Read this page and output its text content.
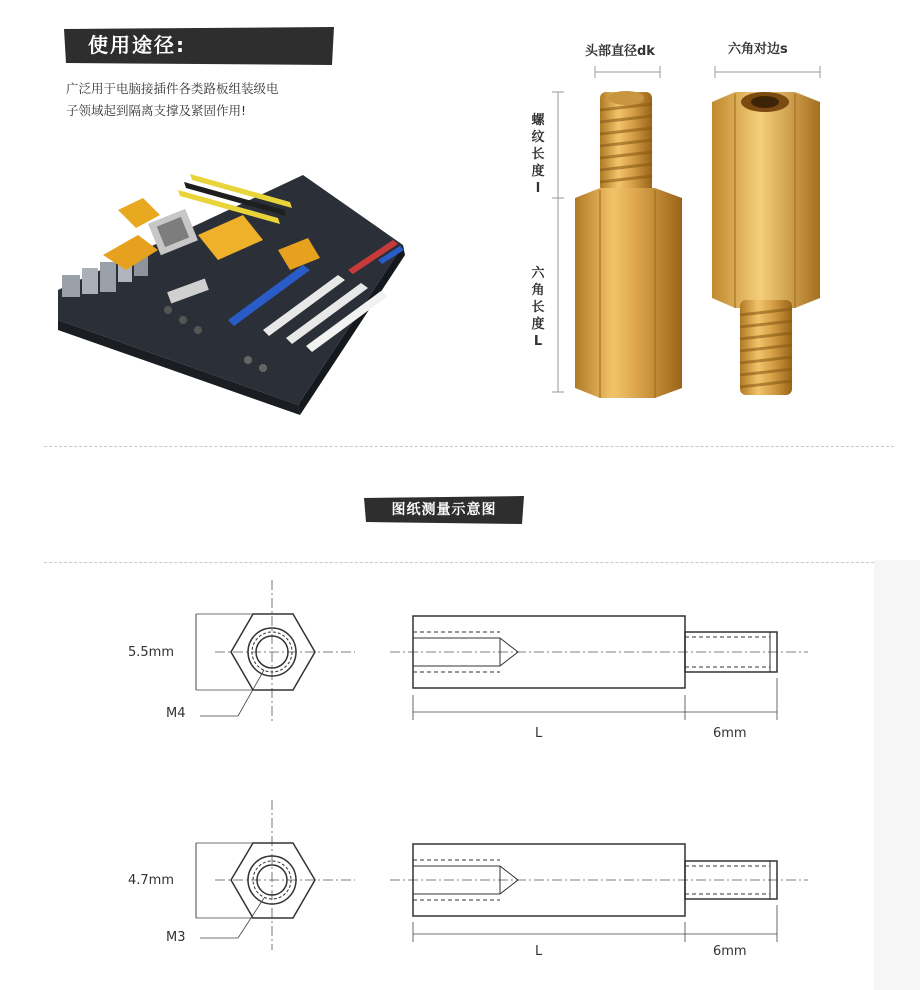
使用途径:
广泛用于电脑接插件各类路板组装级电
子领域起到隔离支撑及紧固作用!
头部直径dk	六角对边s
螺纹长度l
六角长度L
图纸测量示意图
5.5mm
M4
L	6mm
4.7mm
M3
L	6mm
